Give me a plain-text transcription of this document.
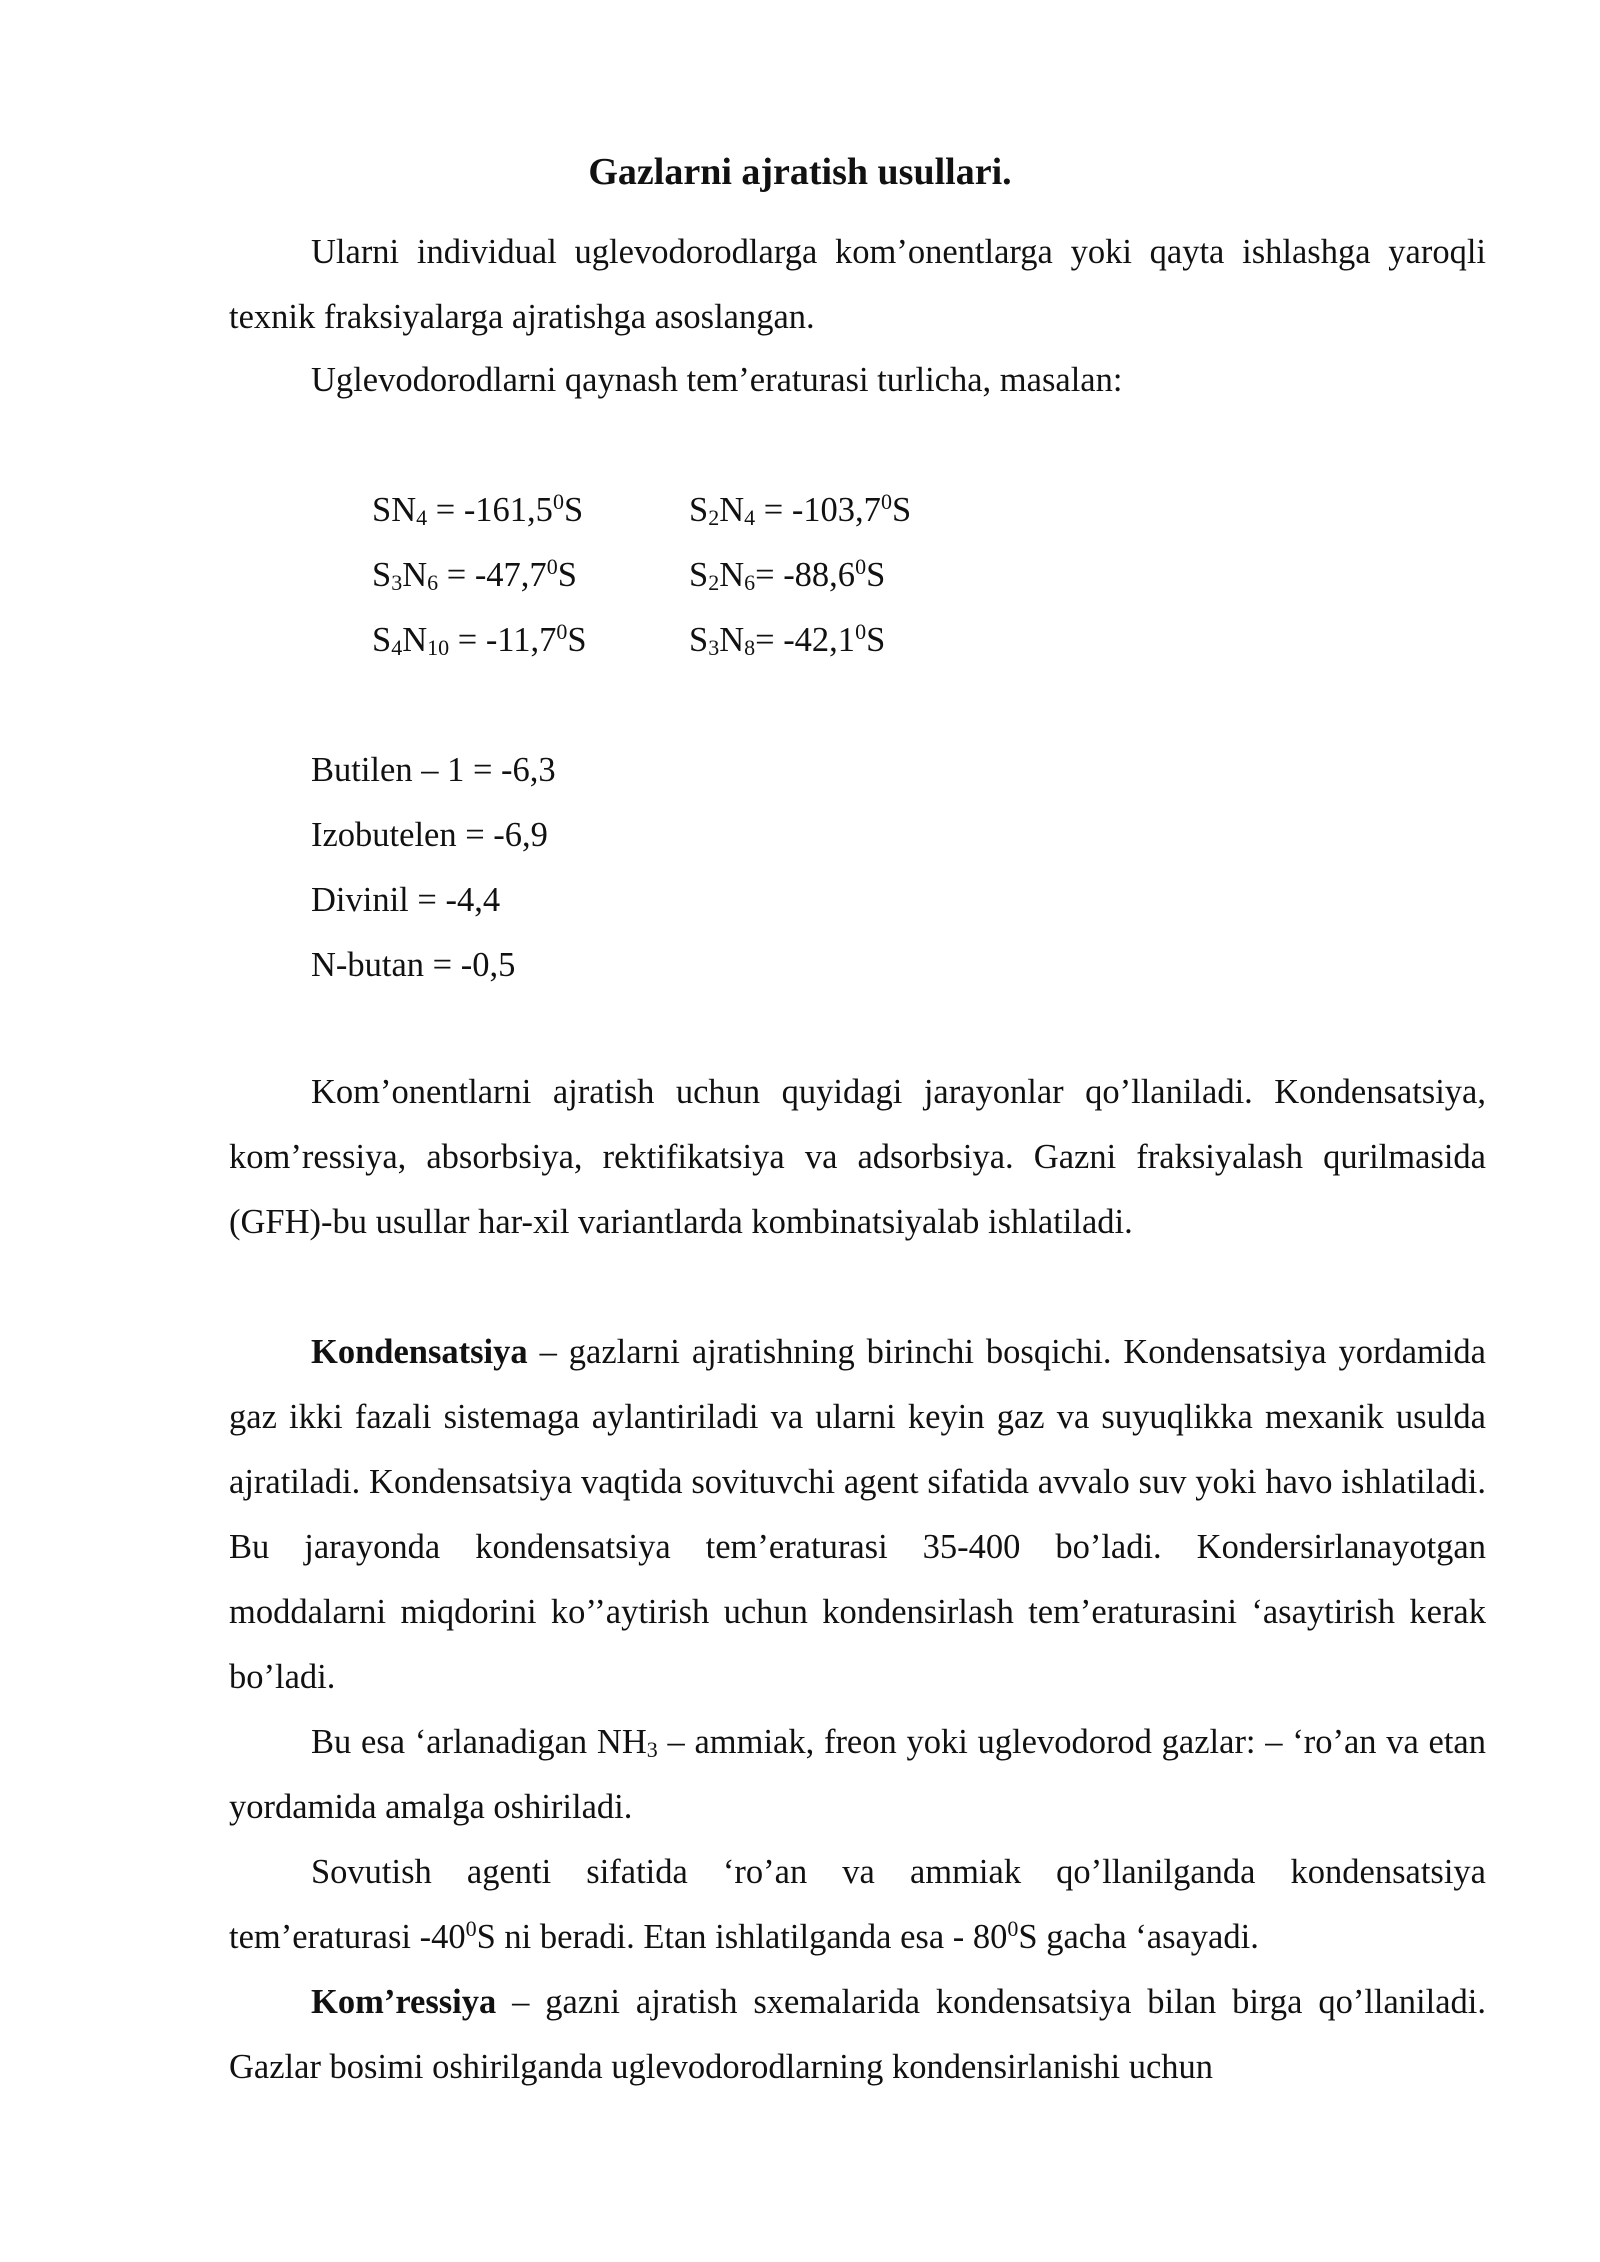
Gazlarni ajratish usullari.

Ularni individual uglevodorodlarga kom’onentlarga yoki qayta ishlashga yaroqli texnik fraksiyalarga ajratishga asoslangan.

Uglevodorodlarni qaynash tem’eraturasi turlicha, masalan:

$SN_4 = -161,5^0S$	$S_2N_4 = -103,7^0S$
$S_3N_6 = -47,7^0S$	$S_2N_6= -88,6^0S$
$S_4N_{10} = -11,7^0S$	$S_3N_8= -42,1^0S$

Butilen – 1 = -6,3

Izobutelen = -6,9

Divinil = -4,4

N-butan = -0,5

Kom’onentlarni ajratish uchun quyidagi jarayonlar qo’llaniladi. Kondensatsiya, kom’ressiya, absorbsiya, rektifikatsiya va adsorbsiya. Gazni fraksiyalash qurilmasida (GFH)-bu usullar har-xil variantlarda kombinatsiyalab ishlatiladi.

Kondensatsiya – gazlarni ajratishning birinchi bosqichi. Kondensatsiya yordamida gaz ikki fazali sistemaga aylantiriladi va ularni keyin gaz va suyuqlikka mexanik usulda ajratiladi. Kondensatsiya vaqtida sovituvchi agent sifatida avvalo suv yoki havo ishlatiladi. Bu jarayonda kondensatsiya tem’eraturasi 35-400 bo’ladi. Kondersirlanayotgan moddalarni miqdorini ko’’aytirish uchun kondensirlash tem’eraturasini ‘asaytirish kerak bo’ladi.

Bu esa ‘arlanadigan $NH_3$ – ammiak, freon yoki uglevodorod gazlar: – ‘ro’an va etan yordamida amalga oshiriladi.

Sovutish agenti sifatida ‘ro’an va ammiak qo’llanilganda kondensatsiya tem’eraturasi $-40^0S$ ni beradi. Etan ishlatilganda esa - $80^0S$ gacha ‘asayadi.

Kom’ressiya – gazni ajratish sxemalarida kondensatsiya bilan birga qo’llaniladi. Gazlar bosimi oshirilganda uglevodorodlarning kondensirlanishi uchun
